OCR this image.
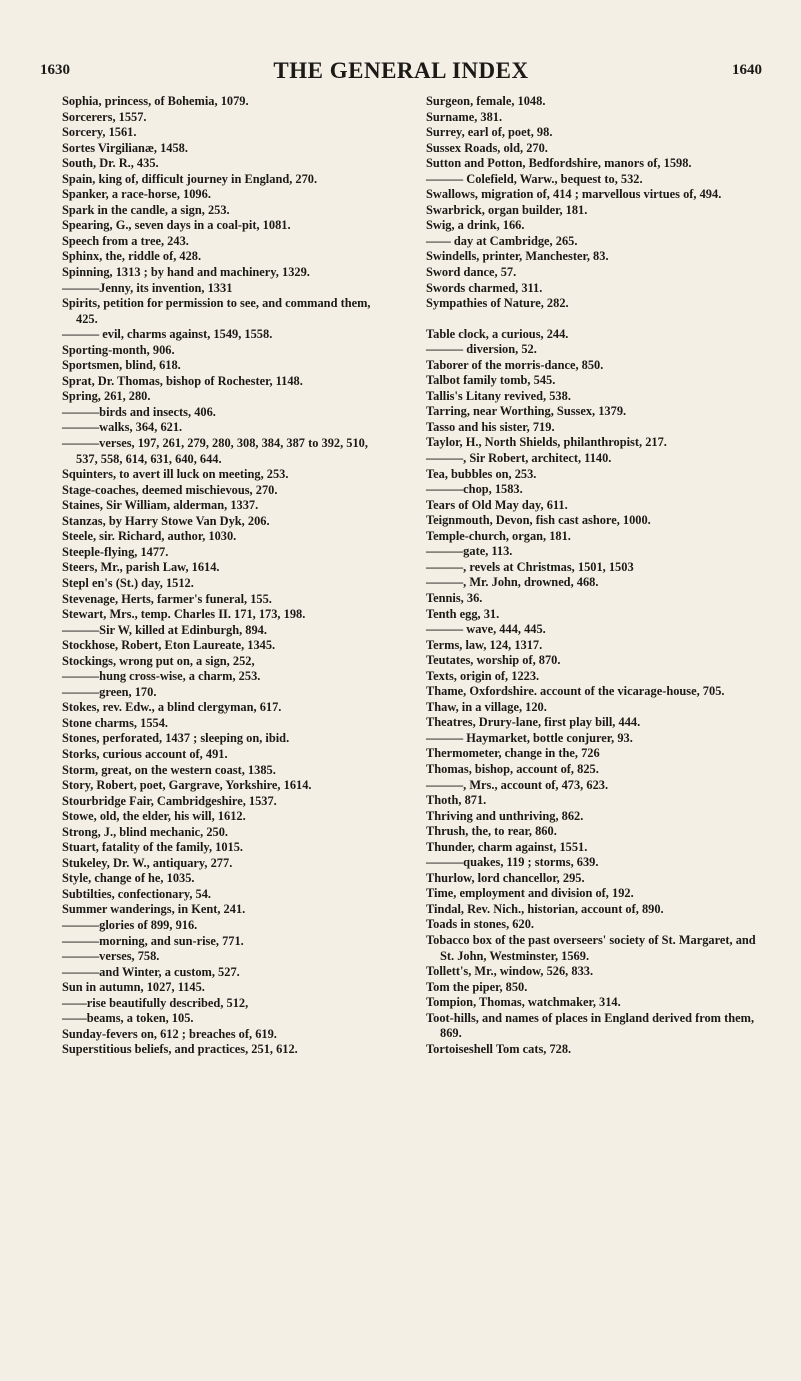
1630	THE GENERAL INDEX	1640
Sophia, princess, of Bohemia, 1079.
Sorcerers, 1557.
Sorcery, 1561.
Sortes Virgilianæ, 1458.
South, Dr. R., 435.
Spain, king of, difficult journey in England, 270.
Spanker, a race-horse, 1096.
Spark in the candle, a sign, 253.
Spearing, G., seven days in a coal-pit, 1081.
Speech from a tree, 243.
Sphinx, the, riddle of, 428.
Spinning, 1313 ; by hand and machinery, 1329.
———Jenny, its invention, 1331
Spirits, petition for permission to see, and command them, 425.
——— evil, charms against, 1549, 1558.
Sporting-month, 906.
Sportsmen, blind, 618.
Sprat, Dr. Thomas, bishop of Rochester, 1148.
Spring, 261, 280.
———birds and insects, 406.
———walks, 364, 621.
———verses, 197, 261, 279, 280, 308, 384, 387 to 392, 510, 537, 558, 614, 631, 640, 644.
Squinters, to avert ill luck on meeting, 253.
Stage-coaches, deemed mischievous, 270.
Staines, Sir William, alderman, 1337.
Stanzas, by Harry Stowe Van Dyk, 206.
Steele, sir. Richard, author, 1030.
Steeple-flying, 1477.
Steers, Mr., parish Law, 1614.
Stepl en's (St.) day, 1512.
Stevenage, Herts, farmer's funeral, 155.
Stewart, Mrs., temp. Charles II. 171, 173, 198.
———Sir W, killed at Edinburgh, 894.
Stockhose, Robert, Eton Laureate, 1345.
Stockings, wrong put on, a sign, 252,
———hung cross-wise, a charm, 253.
———green, 170.
Stokes, rev. Edw., a blind clergyman, 617.
Stone charms, 1554.
Stones, perforated, 1437 ; sleeping on, ibid.
Storks, curious account of, 491.
Storm, great, on the western coast, 1385.
Story, Robert, poet, Gargrave, Yorkshire, 1614.
Stourbridge Fair, Cambridgeshire, 1537.
Stowe, old, the elder, his will, 1612.
Strong, J., blind mechanic, 250.
Stuart, fatality of the family, 1015.
Stukeley, Dr. W., antiquary, 277.
Style, change of he, 1035.
Subtilties, confectionary, 54.
Summer wanderings, in Kent, 241.
———glories of 899, 916.
———morning, and sun-rise, 771.
———verses, 758.
———and Winter, a custom, 527.
Sun in autumn, 1027, 1145.
——rise beautifully described, 512,
——beams, a token, 105.
Sunday-fevers on, 612 ; breaches of, 619.
Superstitious beliefs, and practices, 251, 612.
Surgeon, female, 1048.
Surname, 381.
Surrey, earl of, poet, 98.
Sussex Roads, old, 270.
Sutton and Potton, Bedfordshire, manors of, 1598.
——— Colefield, Warw., bequest to, 532.
Swallows, migration of, 414 ; marvellous virtues of, 494.
Swarbrick, organ builder, 181.
Swig, a drink, 166.
—— day at Cambridge, 265.
Swindells, printer, Manchester, 83.
Sword dance, 57.
Swords charmed, 311.
Sympathies of Nature, 282.
Table clock, a curious, 244.
——— diversion, 52.
Taborer of the morris-dance, 850.
Talbot family tomb, 545.
Tallis's Litany revived, 538.
Tarring, near Worthing, Sussex, 1379.
Tasso and his sister, 719.
Taylor, H., North Shields, philanthropist, 217.
———, Sir Robert, architect, 1140.
Tea, bubbles on, 253.
———chop, 1583.
Tears of Old May day, 611.
Teignmouth, Devon, fish cast ashore, 1000.
Temple-church, organ, 181.
———gate, 113.
———, revels at Christmas, 1501, 1503
———, Mr. John, drowned, 468.
Tennis, 36.
Tenth egg, 31.
——— wave, 444, 445.
Terms, law, 124, 1317.
Teutates, worship of, 870.
Texts, origin of, 1223.
Thame, Oxfordshire. account of the vicarage-house, 705.
Thaw, in a village, 120.
Theatres, Drury-lane, first play bill, 444.
——— Haymarket, bottle conjurer, 93.
Thermometer, change in the, 726
Thomas, bishop, account of, 825.
———, Mrs., account of, 473, 623.
Thoth, 871.
Thriving and unthriving, 862.
Thrush, the, to rear, 860.
Thunder, charm against, 1551.
———quakes, 119 ; storms, 639.
Thurlow, lord chancellor, 295.
Time, employment and division of, 192.
Tindal, Rev. Nich., historian, account of, 890.
Toads in stones, 620.
Tobacco box of the past overseers' society of St. Margaret, and St. John, Westminster, 1569.
Tollett's, Mr., window, 526, 833.
Tom the piper, 850.
Tompion, Thomas, watchmaker, 314.
Toot-hills, and names of places in England derived from them, 869.
Tortoiseshell Tom cats, 728.
